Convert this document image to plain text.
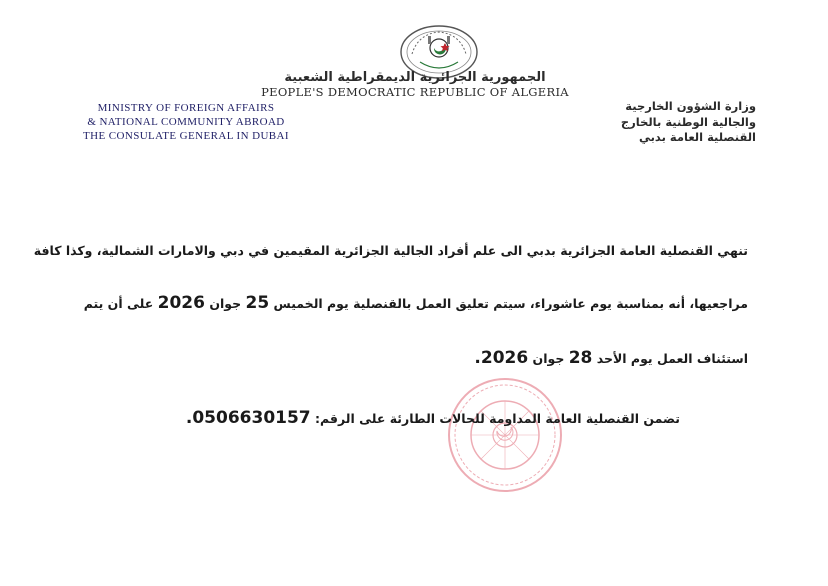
الجمهورية الجزائرية الديمقراطية الشعبية
PEOPLE'S DEMOCRATIC REPUBLIC OF ALGERIA
MINISTRY OF FOREIGN AFFAIRS
& NATIONAL COMMUNITY ABROAD
THE CONSULATE GENERAL IN DUBAI
وزارة الشؤون الخارجية
والجالية الوطنية بالخارج
القنصلية العامة بدبي
تنهي القنصلية العامة الجزائرية بدبي الى علم أفراد الجالية الجزائرية المقيمين في دبي والامارات الشمالية، وكذا كافة
مراجعيها، أنه بمناسبة يوم عاشوراء، سيتم تعليق العمل بالقنصلية يوم الخميس 25 جوان 2026 على أن يتم
استئناف العمل يوم الأحد 28 جوان 2026.
تضمن القنصلية العامة المداومة للحالات الطارئة على الرقم: 0506630157.
